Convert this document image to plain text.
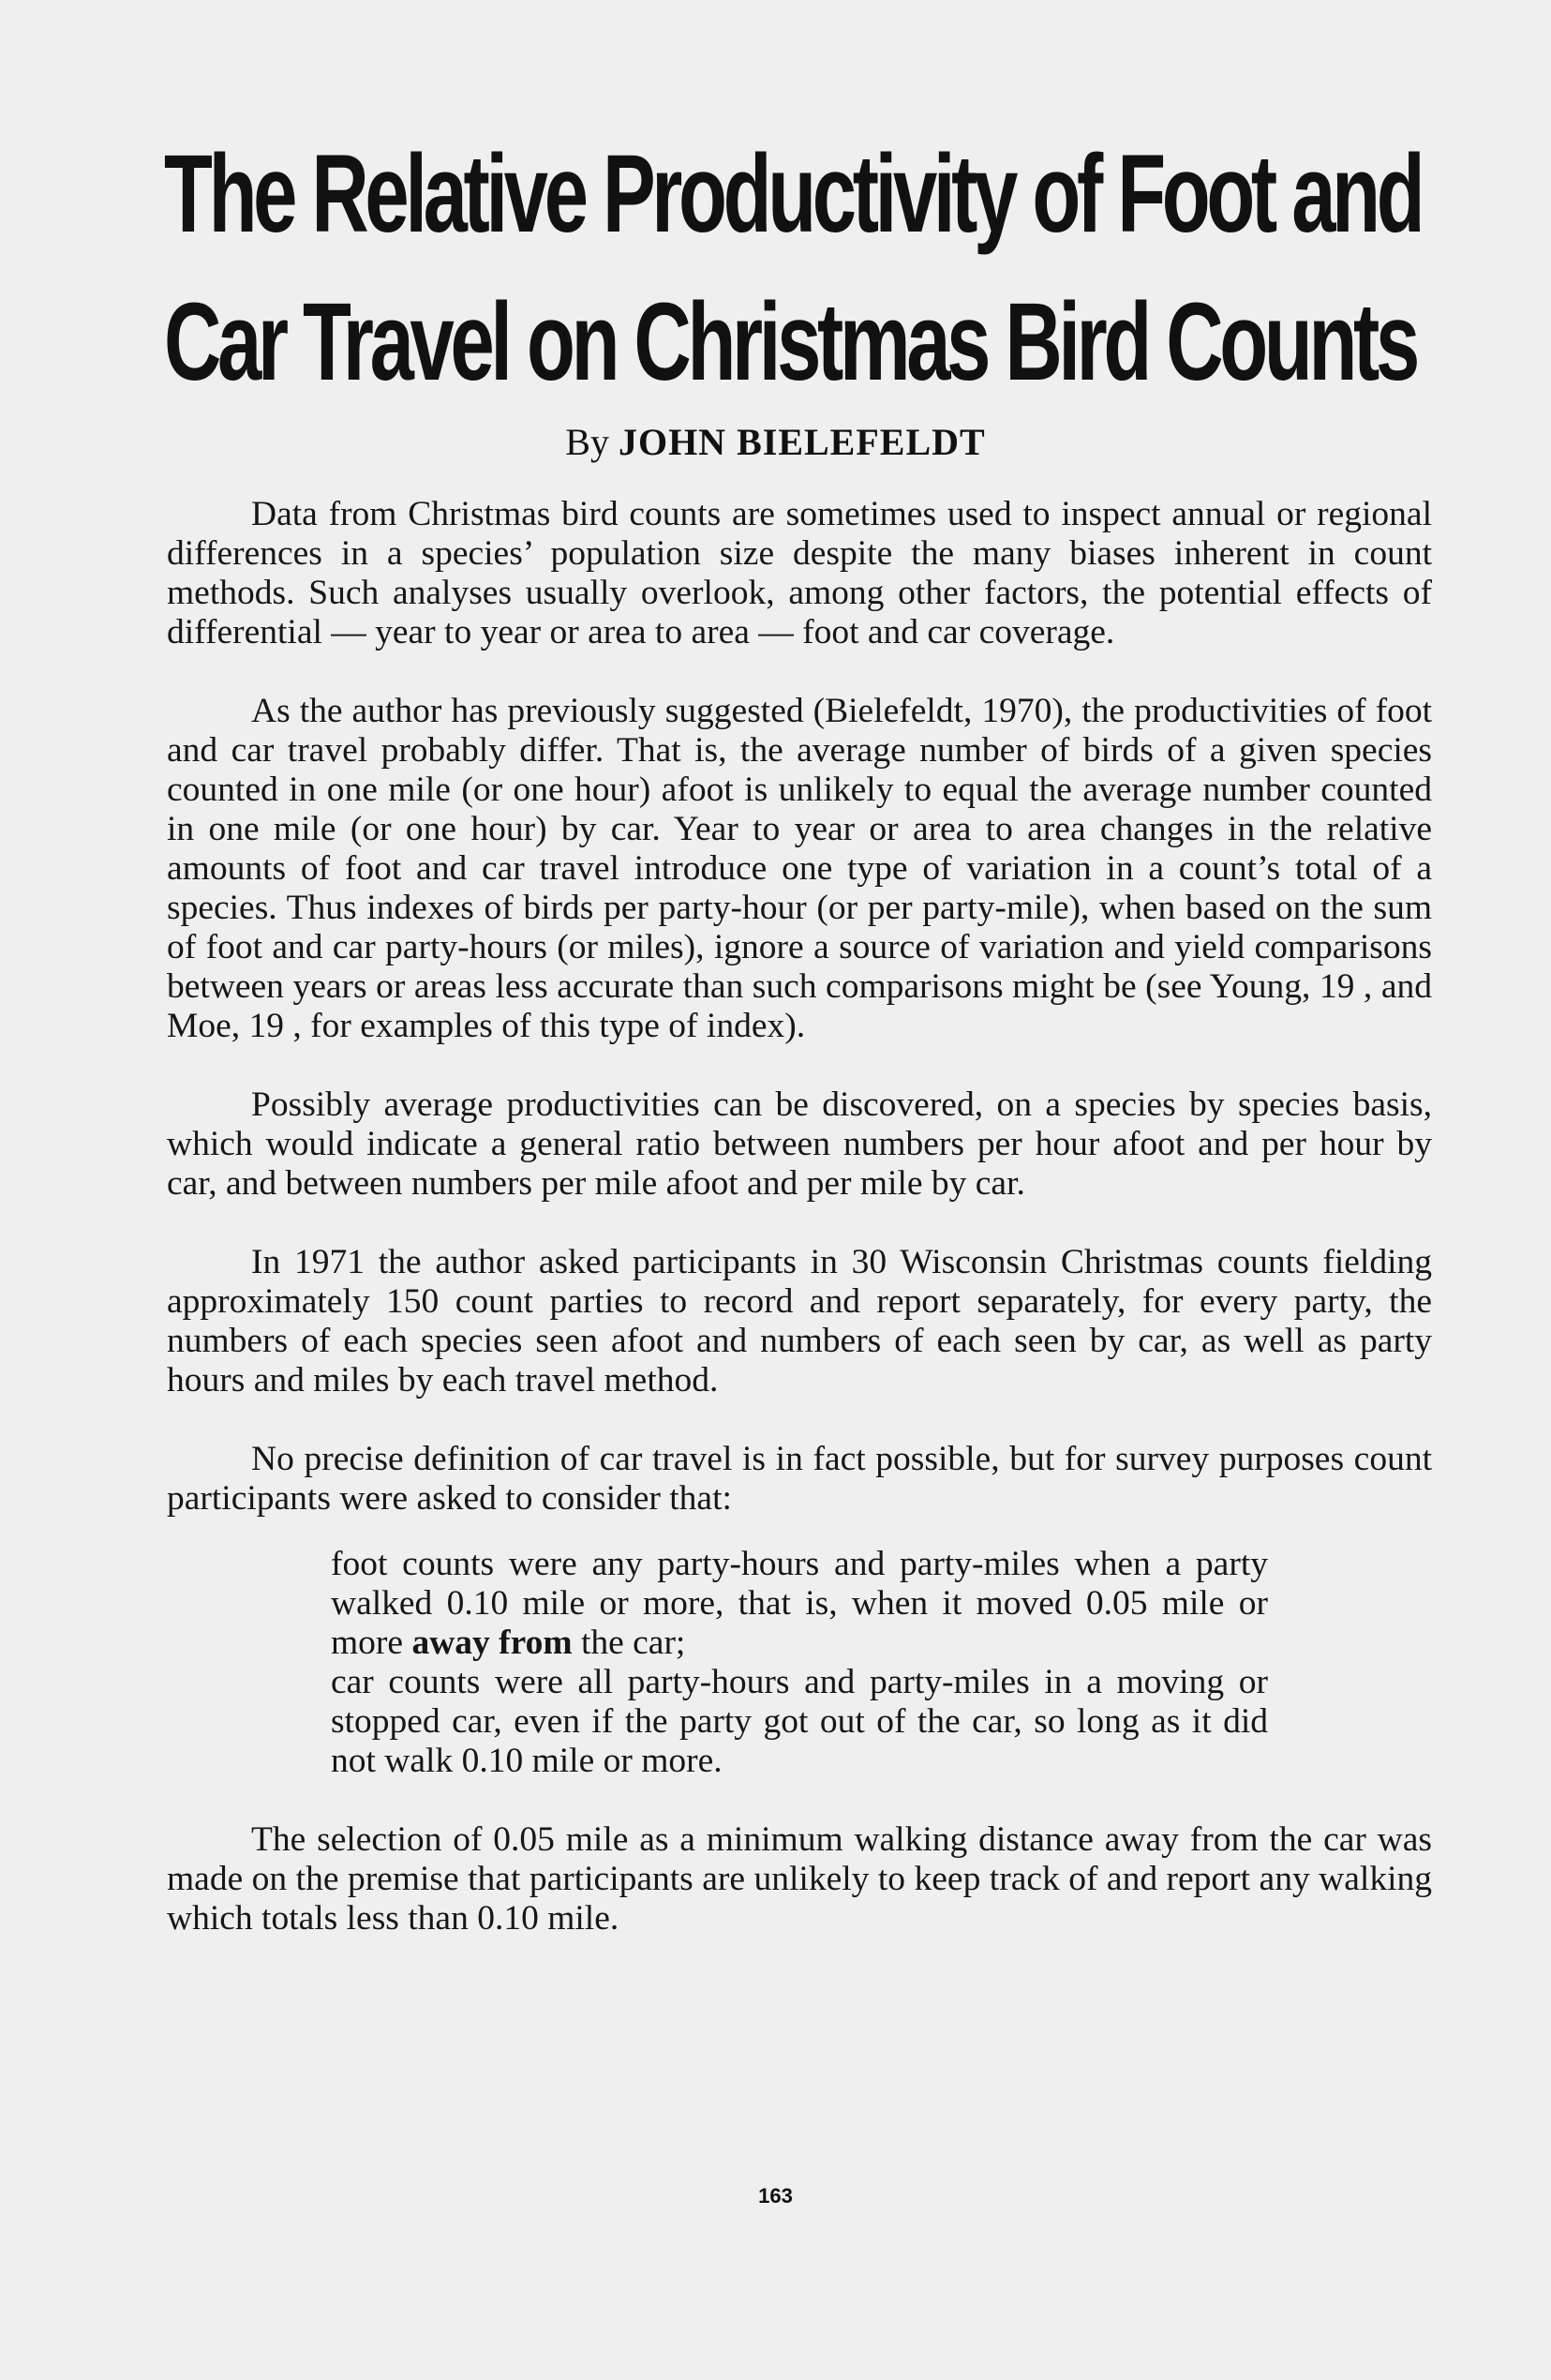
The Relative Productivity of Foot and
Car Travel on Christmas Bird Counts
By JOHN BIELEFELDT

Data from Christmas bird counts are sometimes used to inspect annual or regional differences in a species’ population size despite the many biases inherent in count methods. Such analyses usually overlook, among other factors, the potential effects of differential — year to year or area to area — foot and car coverage.

As the author has previously suggested (Bielefeldt, 1970), the productivities of foot and car travel probably differ. That is, the average number of birds of a given species counted in one mile (or one hour) afoot is unlikely to equal the average number counted in one mile (or one hour) by car. Year to year or area to area changes in the relative amounts of foot and car travel introduce one type of variation in a count’s total of a species. Thus indexes of birds per party-hour (or per party-mile), when based on the sum of foot and car party-hours (or miles), ignore a source of variation and yield comparisons between years or areas less accurate than such comparisons might be (see Young, 19 , and Moe, 19 , for examples of this type of index).

Possibly average productivities can be discovered, on a species by species basis, which would indicate a general ratio between numbers per hour afoot and per hour by car, and between numbers per mile afoot and per mile by car.

In 1971 the author asked participants in 30 Wisconsin Christmas counts fielding approximately 150 count parties to record and report separately, for every party, the numbers of each species seen afoot and numbers of each seen by car, as well as party hours and miles by each travel method.

No precise definition of car travel is in fact possible, but for survey purposes count participants were asked to consider that:

foot counts were any party-hours and party-miles when a party walked 0.10 mile or more, that is, when it moved 0.05 mile or more away from the car;
car counts were all party-hours and party-miles in a moving or stopped car, even if the party got out of the car, so long as it did not walk 0.10 mile or more.

The selection of 0.05 mile as a minimum walking distance away from the car was made on the premise that participants are unlikely to keep track of and report any walking which totals less than 0.10 mile.

163
